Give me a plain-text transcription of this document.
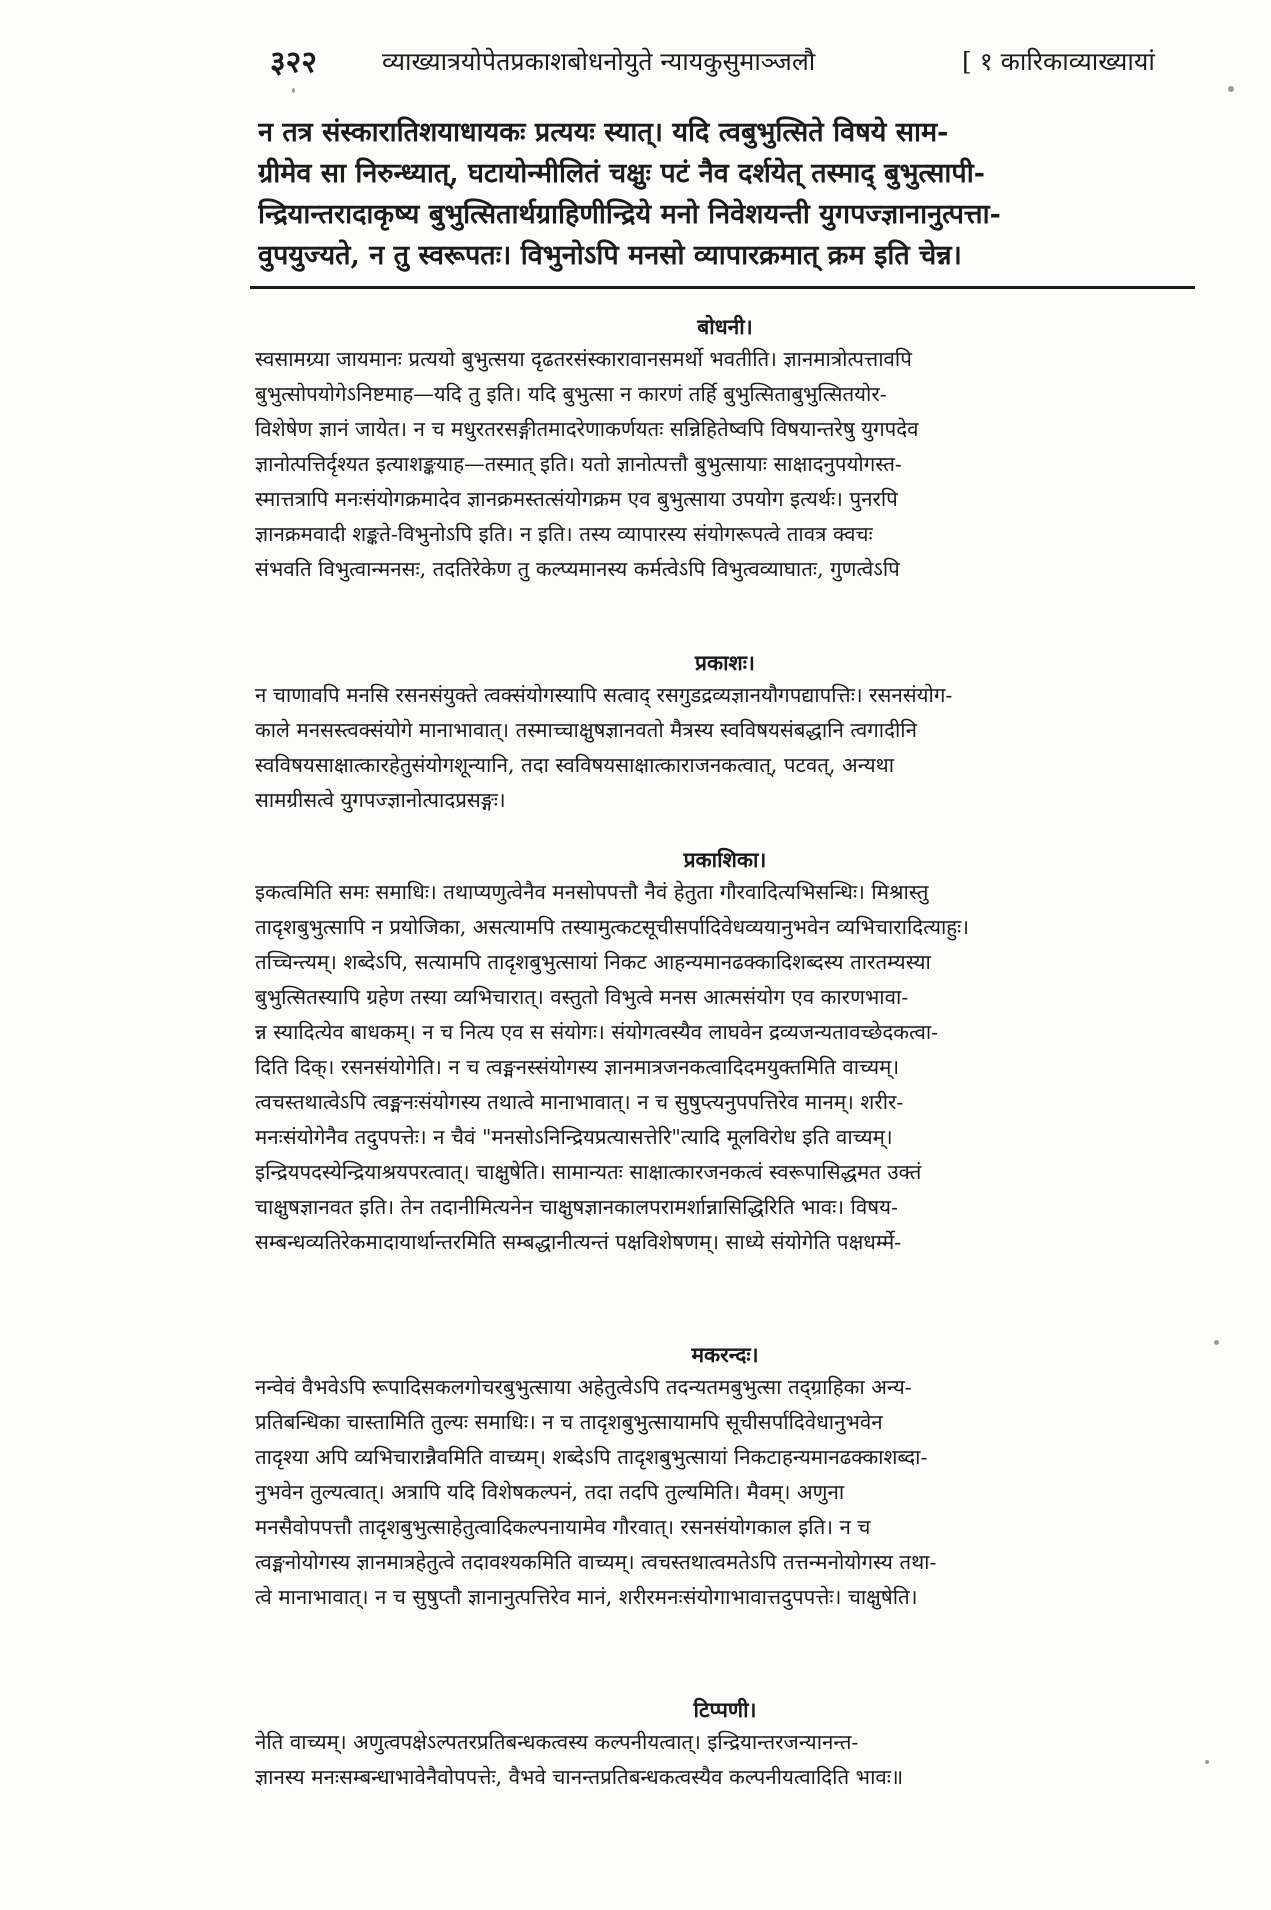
३२२	व्याख्यात्रयोपेतप्रकाशबोधनोयुते न्यायकुसुमाञ्जलौ	[ १ कारिकाव्याख्यायां
न तत्र संस्कारातिशयाधायकः प्रत्ययः स्यात्। यदि त्वबुभुत्सिते विषये साम-
ग्रीमेव सा निरुन्ध्यात्, घटायोन्मीलितं चक्षुः पटं नैव दर्शयेत् तस्माद् बुभुत्सापी-
न्द्रियान्तरादाकृष्य बुभुत्सितार्थग्राहिणीन्द्रिये मनो निवेशयन्ती युगपज्ज्ञानानुत्पत्ता-
वुपयुज्यते, न तु स्वरूपतः। विभुनोऽपि मनसो व्यापारक्रमात् क्रम इति चेन्न।
बोधनी।
स्वसामग्र्या जायमानः प्रत्ययो बुभुत्सया दृढतरसंस्कारावानसमर्थो भवतीति। ज्ञानमात्रोत्पत्तावपि
बुभुत्सोपयोगेऽनिष्टमाह—यदि तु इति। यदि बुभुत्सा न कारणं तर्हि बुभुत्सिताबुभुत्सितयोर-
विशेषेण ज्ञानं जायेत। न च मधुरतरसङ्गीतमादरेणाकर्णयतः सन्निहितेष्वपि विषयान्तरेषु युगपदेव
ज्ञानोत्पत्तिर्दृश्यत इत्याशङ्कयाह—तस्मात् इति। यतो ज्ञानोत्पत्तौ बुभुत्सायाः साक्षादनुपयोगस्त-
स्मात्तत्रापि मनःसंयोगक्रमादेव ज्ञानक्रमस्तत्संयोगक्रम एव बुभुत्साया उपयोग इत्यर्थः। पुनरपि
ज्ञानक्रमवादी शङ्कते-विभुनोऽपि इति। न इति। तस्य व्यापारस्य संयोगरूपत्वे तावत्र क्वचः
संभवति विभुत्वान्मनसः, तदतिरेकेण तु कल्प्यमानस्य कर्मत्वेऽपि विभुत्वव्याघातः, गुणत्वेऽपि
प्रकाशः।
न चाणावपि मनसि रसनसंयुक्ते त्वक्संयोगस्यापि सत्वाद् रसगुडद्रव्यज्ञानयौगपद्यापत्तिः। रसनसंयोग-
काले मनसस्त्वक्संयोगे मानाभावात्। तस्माच्चाक्षुषज्ञानवतो मैत्रस्य स्वविषयसंबद्धानि त्वगादीनि
स्वविषयसाक्षात्कारहेतुसंयोगशून्यानि, तदा स्वविषयसाक्षात्काराजनकत्वात्, पटवत्, अन्यथा
सामग्रीसत्वे युगपज्ज्ञानोत्पादप्रसङ्गः।
प्रकाशिका।
इकत्वमिति समः समाधिः। तथाप्यणुत्वेनैव मनसोपपत्तौ नैवं हेतुता गौरवादित्यभिसन्धिः। मिश्रास्तु
तादृशबुभुत्सापि न प्रयोजिका, असत्यामपि तस्यामुत्कटसूचीसर्पादिवेधव्ययानुभवेन व्यभिचारादित्याहुः।
तच्चिन्त्यम्। शब्देऽपि, सत्यामपि तादृशबुभुत्सायां निकट आहन्यमानढक्कादिशब्दस्य तारतम्यस्या
बुभुत्सितस्यापि ग्रहेण तस्या व्यभिचारात्। वस्तुतो विभुत्वे मनस आत्मसंयोग एव कारणभावा-
न्न स्यादित्येव बाधकम्। न च नित्य एव स संयोगः। संयोगत्वस्यैव लाघवेन द्रव्यजन्यतावच्छेदकत्वा-
दिति दिक्। रसनसंयोगेति। न च त्वङ्मनस्संयोगस्य ज्ञानमात्रजनकत्वादिदमयुक्तमिति वाच्यम्।
त्वचस्तथात्वेऽपि त्वङ्मनःसंयोगस्य तथात्वे मानाभावात्। न च सुषुप्त्यनुपपत्तिरेव मानम्। शरीर-
मनःसंयोगेनैव तदुपपत्तेः। न चैवं "मनसोऽनिन्द्रियप्रत्यासत्तेरि"त्यादि मूलविरोध इति वाच्यम्।
इन्द्रियपदस्येन्द्रियाश्रयपरत्वात्। चाक्षुषेति। सामान्यतः साक्षात्कारजनकत्वं स्वरूपासिद्धमत उक्तं
चाक्षुषज्ञानवत इति। तेन तदानीमित्यनेन चाक्षुषज्ञानकालपरामर्शान्नासिद्धिरिति भावः। विषय-
सम्बन्धव्यतिरेकमादायार्थान्तरमिति सम्बद्धानीत्यन्तं पक्षविशेषणम्। साध्ये संयोगेति पक्षधर्म्मे-
मकरन्दः।
नन्वेवं वैभवेऽपि रूपादिसकलगोचरबुभुत्साया अहेतुत्वेऽपि तदन्यतमबुभुत्सा तद्ग्राहिका अन्य-
प्रतिबन्धिका चास्तामिति तुल्यः समाधिः। न च तादृशबुभुत्सायामपि सूचीसर्पादिवेधानुभवेन
तादृश्या अपि व्यभिचारान्नैवमिति वाच्यम्। शब्देऽपि तादृशबुभुत्सायां निकटाहन्यमानढक्काशब्दा-
नुभवेन तुल्यत्वात्। अत्रापि यदि विशेषकल्पनं, तदा तदपि तुल्यमिति। मैवम्। अणुना
मनसैवोपपत्तौ तादृशबुभुत्साहेतुत्वादिकल्पनायामेव गौरवात्। रसनसंयोगकाल इति। न च
त्वङ्मनोयोगस्य ज्ञानमात्रहेतुत्वे तदावश्यकमिति वाच्यम्। त्वचस्तथात्वमतेऽपि तत्तन्मनोयोगस्य तथा-
त्वे मानाभावात्। न च सुषुप्तौ ज्ञानानुत्पत्तिरेव मानं, शरीरमनःसंयोगाभावात्तदुपपत्तेः। चाक्षुषेति।
टिप्पणी।
नेति वाच्यम्। अणुत्वपक्षेऽल्पतरप्रतिबन्धकत्वस्य कल्पनीयत्वात्। इन्द्रियान्तरजन्यानन्त-
ज्ञानस्य मनःसम्बन्धाभावेनैवोपपत्तेः, वैभवे चानन्तप्रतिबन्धकत्वस्यैव कल्पनीयत्वादिति भावः॥
